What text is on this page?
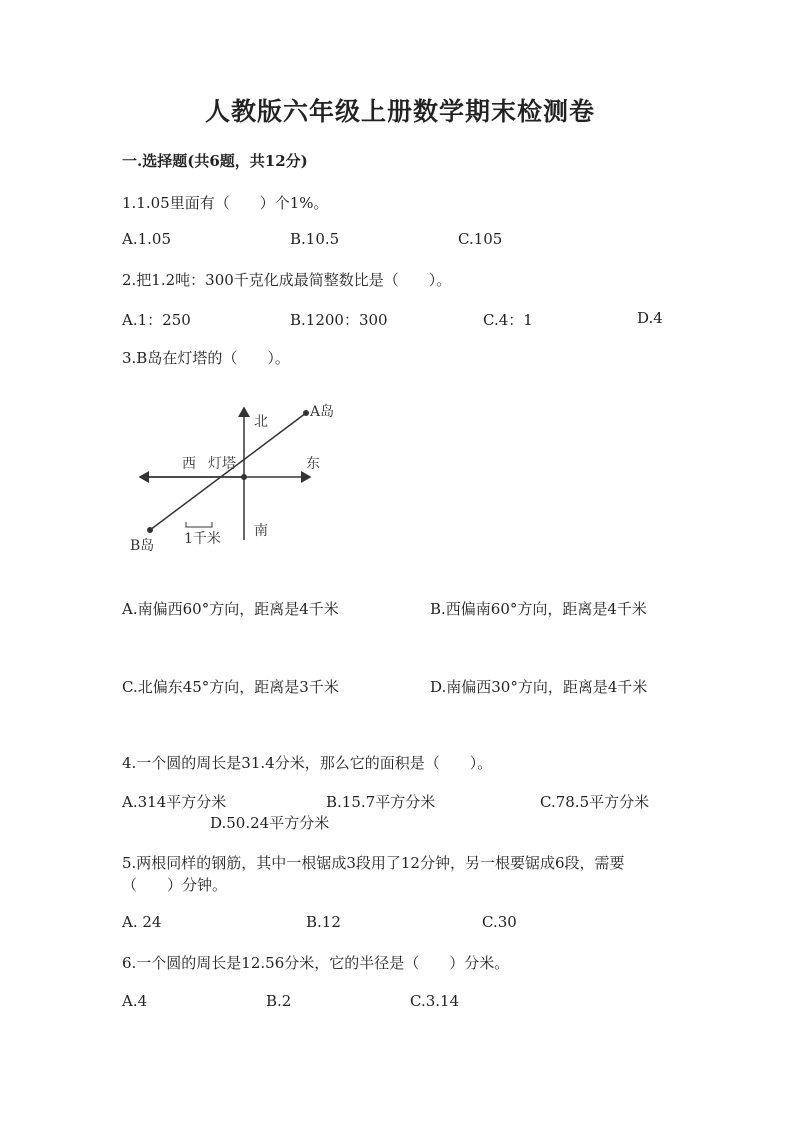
人教版六年级上册数学期末检测卷
一.选择题(共6题，共12分)
1.1.05里面有（　　）个1%。
A.1.05	B.10.5	C.105
2.把1.2吨：300千克化成最简整数比是（　　）。
A.1：250	B.1200：300	C.4：1	D.4
3.B岛在灯塔的（　　）。
北
南
东
西 灯塔
A岛
B岛 1千米
A.南偏西60°方向，距离是4千米	B.西偏南60°方向，距离是4千米
C.北偏东45°方向，距离是3千米	D.南偏西30°方向，距离是4千米
4.一个圆的周长是31.4分米，那么它的面积是（　　）。
A.314平方分米	B.15.7平方分米	C.78.5平方分米
D.50.24平方分米
5.两根同样的钢筋，其中一根锯成3段用了12分钟，另一根要锯成6段，需要
（　　）分钟。
A. 24	B.12	C.30
6.一个圆的周长是12.56分米，它的半径是（　　）分米。
A.4	B.2	C.3.14
